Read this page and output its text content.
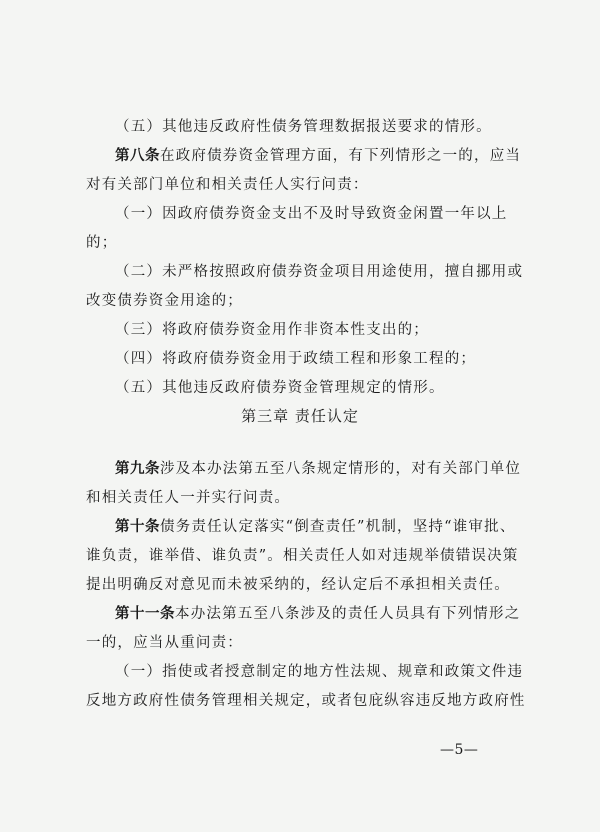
（五）其他违反政府性债务管理数据报送要求的情形。

第八条在政府债券资金管理方面，有下列情形之一的，应当对有关部门单位和相关责任人实行问责：

（一）因政府债券资金支出不及时导致资金闲置一年以上的；

（二）未严格按照政府债券资金项目用途使用，擅自挪用或改变债券资金用途的；

（三）将政府债券资金用作非资本性支出的；

（四）将政府债券资金用于政绩工程和形象工程的；

（五）其他违反政府债券资金管理规定的情形。

第三章 责任认定

第九条涉及本办法第五至八条规定情形的，对有关部门单位和相关责任人一并实行问责。

第十条债务责任认定落实“倒查责任”机制，坚持“谁审批、谁负责，谁举借、谁负责”。相关责任人如对违规举债错误决策提出明确反对意见而未被采纳的，经认定后不承担相关责任。

第十一条本办法第五至八条涉及的责任人员具有下列情形之一的，应当从重问责：

（一）指使或者授意制定的地方性法规、规章和政策文件违反地方政府性债务管理相关规定，或者包庇纵容违反地方政府性

—5—
